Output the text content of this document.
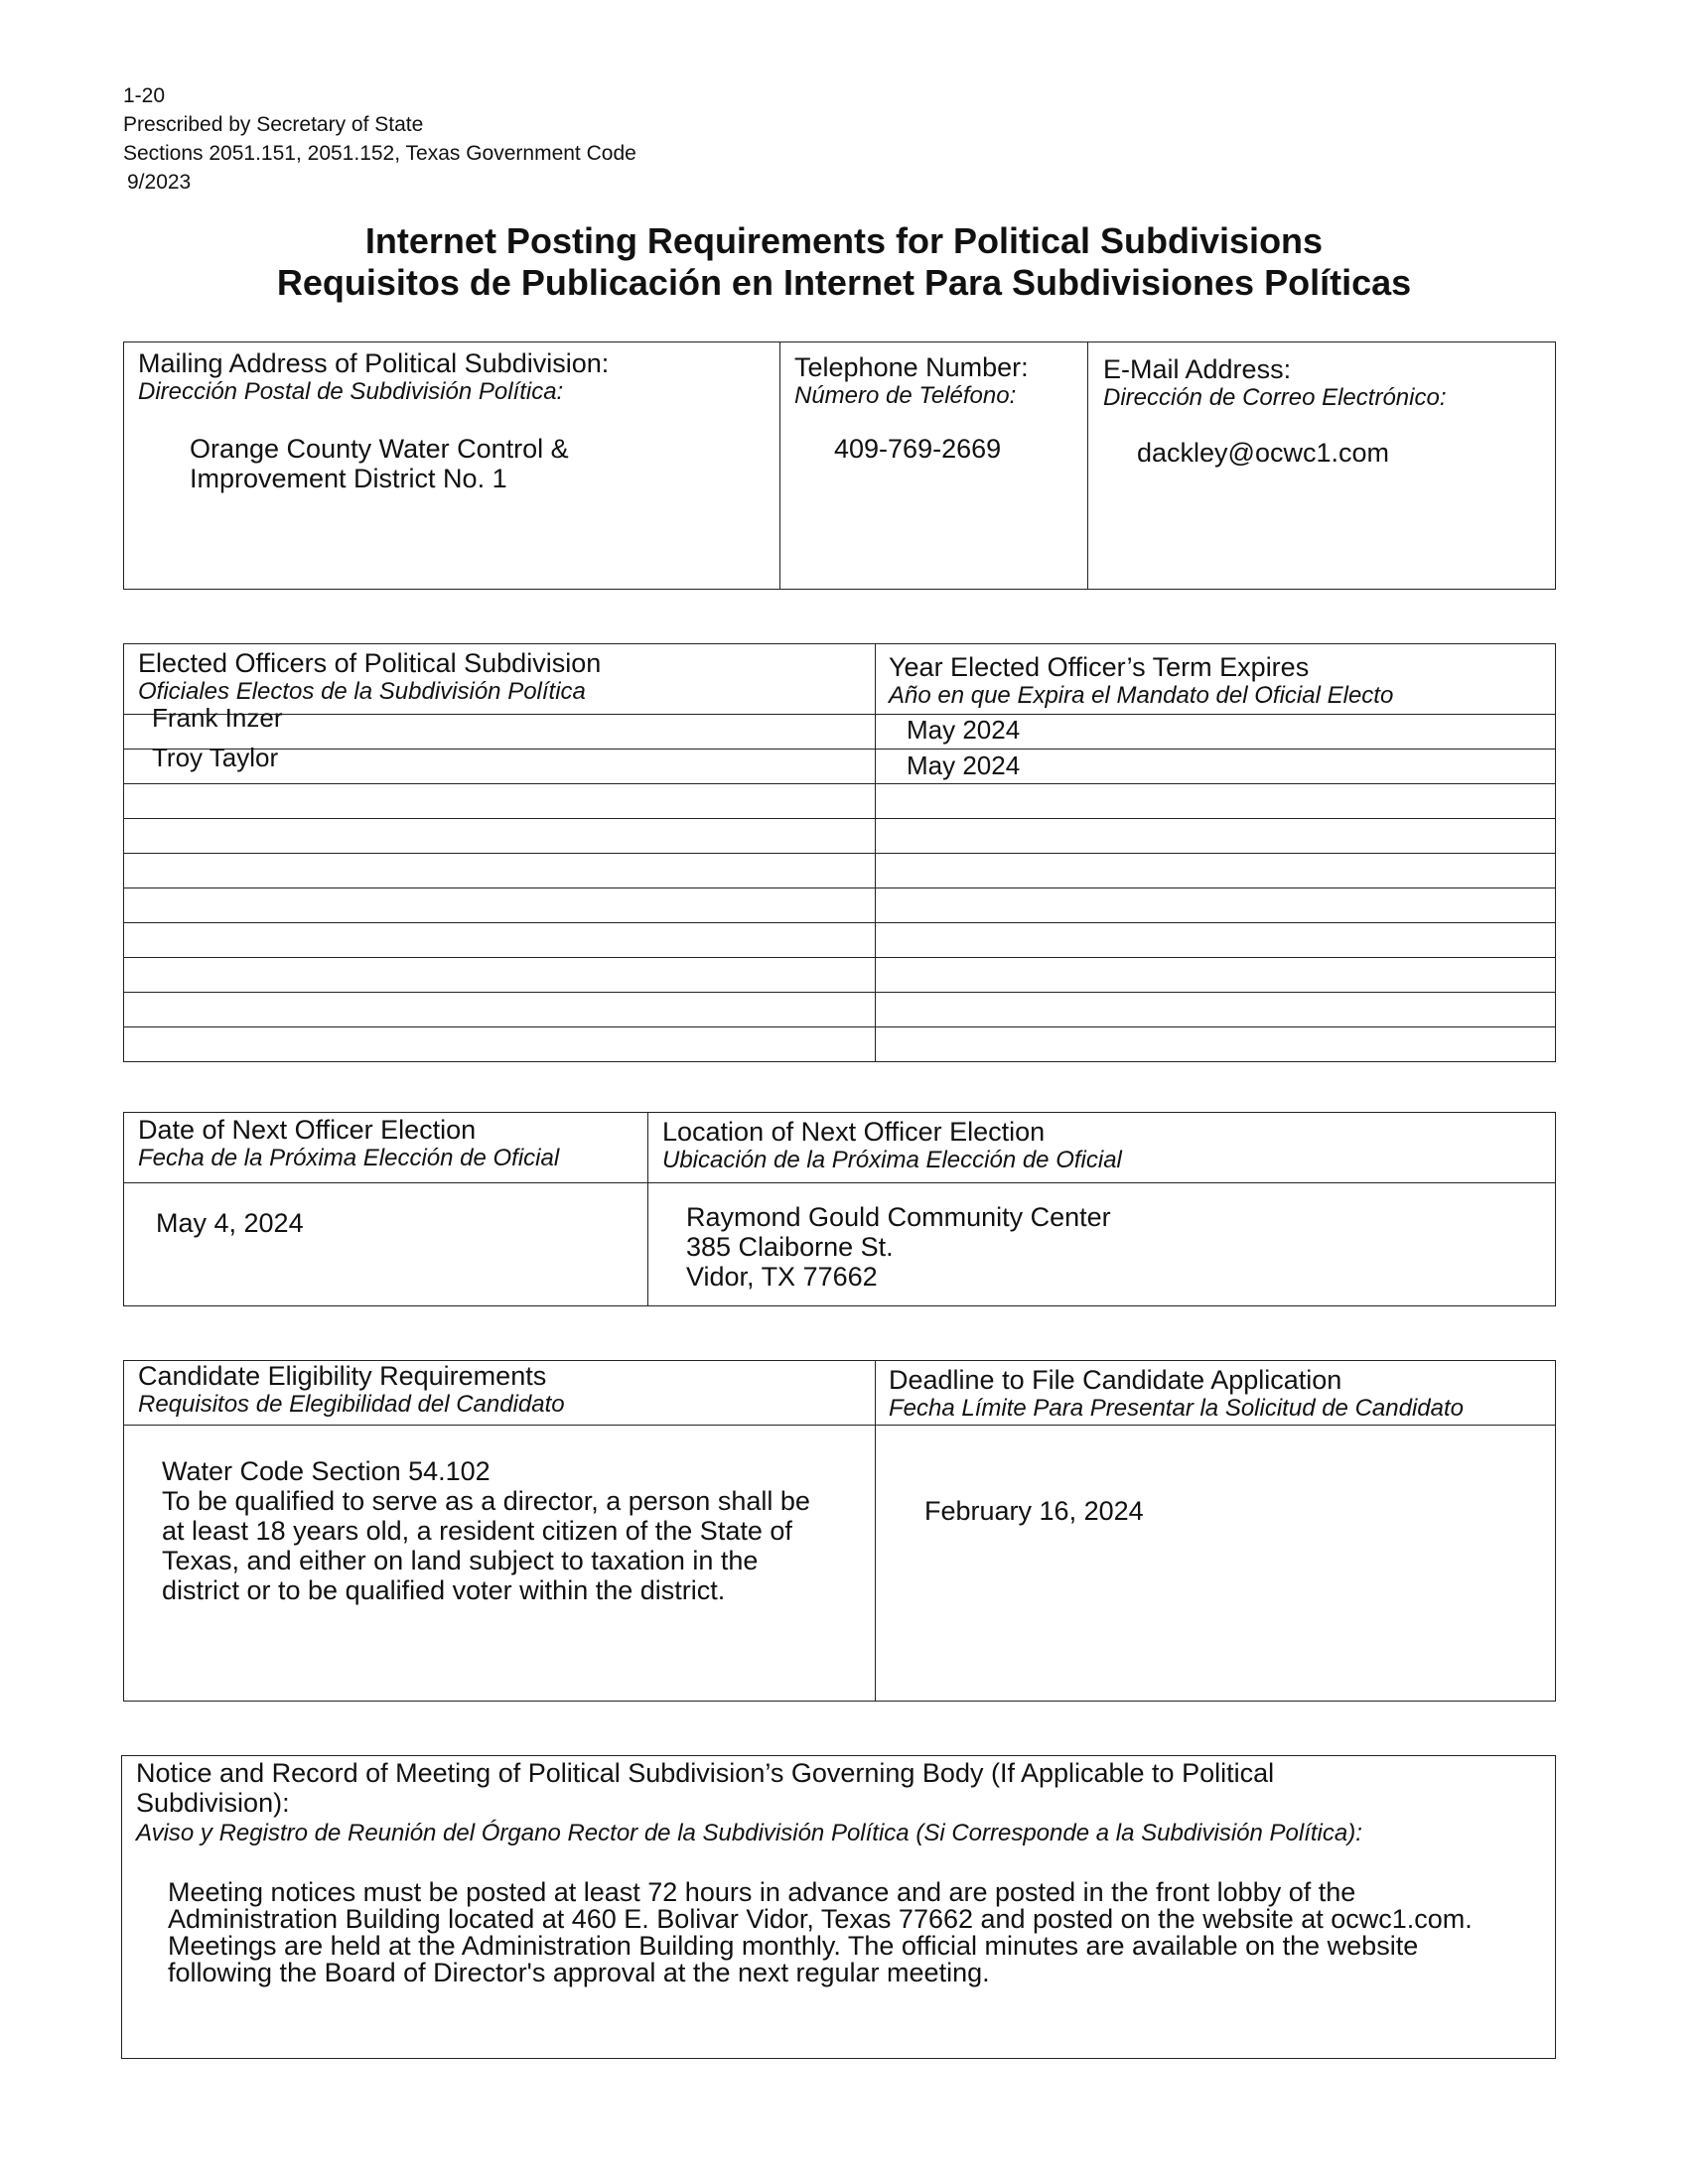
1-20
Prescribed by Secretary of State
Sections 2051.151, 2051.152, Texas Government Code
9/2023
Internet Posting Requirements for Political Subdivisions
Requisitos de Publicación en Internet Para Subdivisiones Políticas
Mailing Address of Political Subdivision:
Dirección Postal de Subdivisión Política:
Orange County Water Control &
Improvement District No. 1
Telephone Number:
Número de Teléfono:
409-769-2669
E-Mail Address:
Dirección de Correo Electrónico:
dackley@ocwc1.com
Elected Officers of Political Subdivision
Oficiales Electos de la Subdivisión Política
Year Elected Officer’s Term Expires
Año en que Expira el Mandato del Oficial Electo
Frank Inzer	May 2024
Troy Taylor	May 2024
Date of Next Officer Election
Fecha de la Próxima Elección de Oficial
May 4, 2024
Location of Next Officer Election
Ubicación de la Próxima Elección de Oficial
Raymond Gould Community Center
385 Claiborne St.
Vidor, TX 77662
Candidate Eligibility Requirements
Requisitos de Elegibilidad del Candidato
Water Code Section 54.102
To be qualified to serve as a director, a person shall be
at least 18 years old, a resident citizen of the State of
Texas, and either on land subject to taxation in the
district or to be qualified voter within the district.
Deadline to File Candidate Application
Fecha Límite Para Presentar la Solicitud de Candidato
February 16, 2024
Notice and Record of Meeting of Political Subdivision’s Governing Body (If Applicable to Political
Subdivision):
Aviso y Registro de Reunión del Órgano Rector de la Subdivisión Política (Si Corresponde a la Subdivisión Política):
Meeting notices must be posted at least 72 hours in advance and are posted in the front lobby of the
Administration Building located at 460 E. Bolivar Vidor, Texas 77662 and posted on the website at ocwc1.com.
Meetings are held at the Administration Building monthly. The official minutes are available on the website
following the Board of Director's approval at the next regular meeting.
